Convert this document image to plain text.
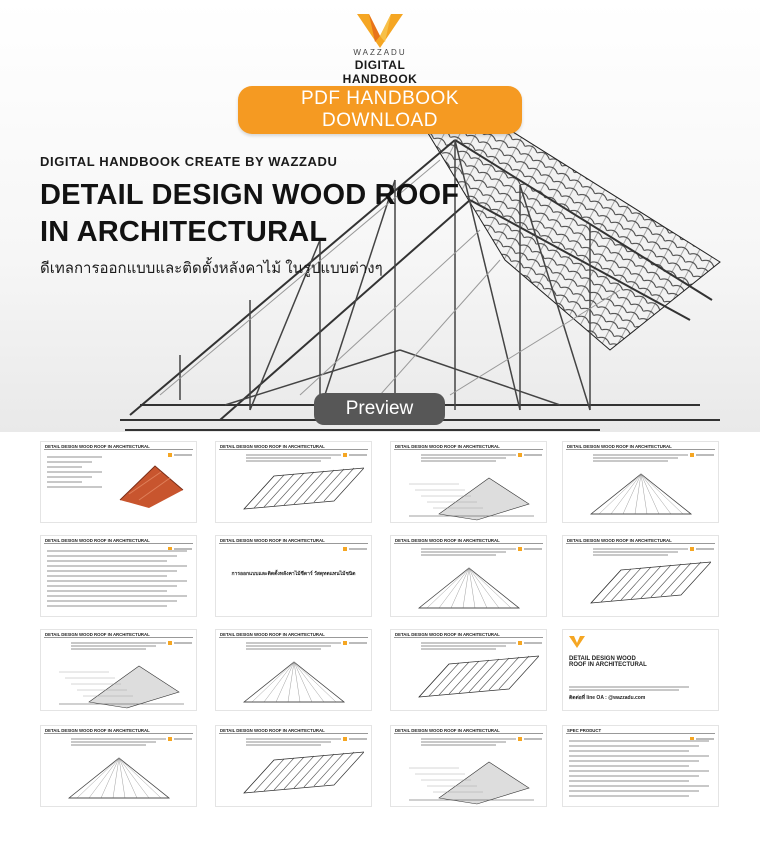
WAZZADU
DIGITAL HANDBOOK
PDF HANDBOOK DOWNLOAD
DIGITAL HANDBOOK CREATE BY WAZZADU
DETAIL DESIGN WOOD ROOF
IN ARCHITECTURAL
ดีเทลการออกแบบและติดตั้งหลังคาไม้ ในรูปแบบต่างๆ
Preview
DETAIL DESIGN WOOD ROOF IN ARCHITECTURAL	DETAIL DESIGN WOOD ROOF IN ARCHITECTURAL	DETAIL DESIGN WOOD ROOF IN ARCHITECTURAL	DETAIL DESIGN WOOD ROOF IN ARCHITECTURAL
DETAIL DESIGN WOOD ROOF IN ARCHITECTURAL	DETAIL DESIGN WOOD ROOF IN ARCHITECTURAL
การออกแบบและติดตั้งหลังคาไม้ชีดาร์ วัสดุทดแทนไม้ชนิด
DETAIL DESIGN WOOD ROOF IN ARCHITECTURAL	DETAIL DESIGN WOOD ROOF IN ARCHITECTURAL
DETAIL DESIGN WOOD ROOF IN ARCHITECTURAL	DETAIL DESIGN WOOD ROOF IN ARCHITECTURAL	DETAIL DESIGN WOOD ROOF IN ARCHITECTURAL
DETAIL DESIGN WOOD ROOF IN ARCHITECTURAL
ติดต่อที่ line OA : @wazzadu.com
DETAIL DESIGN WOOD ROOF IN ARCHITECTURAL	DETAIL DESIGN WOOD ROOF IN ARCHITECTURAL	DETAIL DESIGN WOOD ROOF IN ARCHITECTURAL	SPEC PRODUCT
